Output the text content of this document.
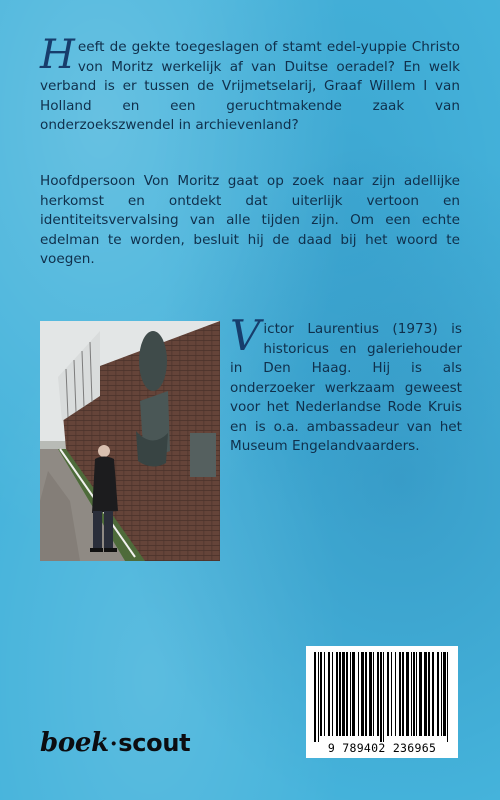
Heeft de gekte toegeslagen of stamt edel-yuppie Christo von Moritz werkelijk af van Duitse oeradel? En welk verband is er tussen de Vrijmetselarij, Graaf Willem I van Holland en een geruchtmakende zaak van onderzoekszwendel in archievenland?
Hoofdpersoon Von Moritz gaat op zoek naar zijn adellijke herkomst en ontdekt dat uiterlijk vertoon en identiteitsvervalsing van alle tijden zijn. Om een echte edelman te worden, besluit hij de daad bij het woord te voegen.
Victor Laurentius (1973) is historicus en galeriehouder in Den Haag. Hij is als onderzoeker werkzaam geweest voor het Nederlandse Rode Kruis en is o.a. ambassadeur van het Museum Engelandvaarders.
9 789402 236965
boek·scout
